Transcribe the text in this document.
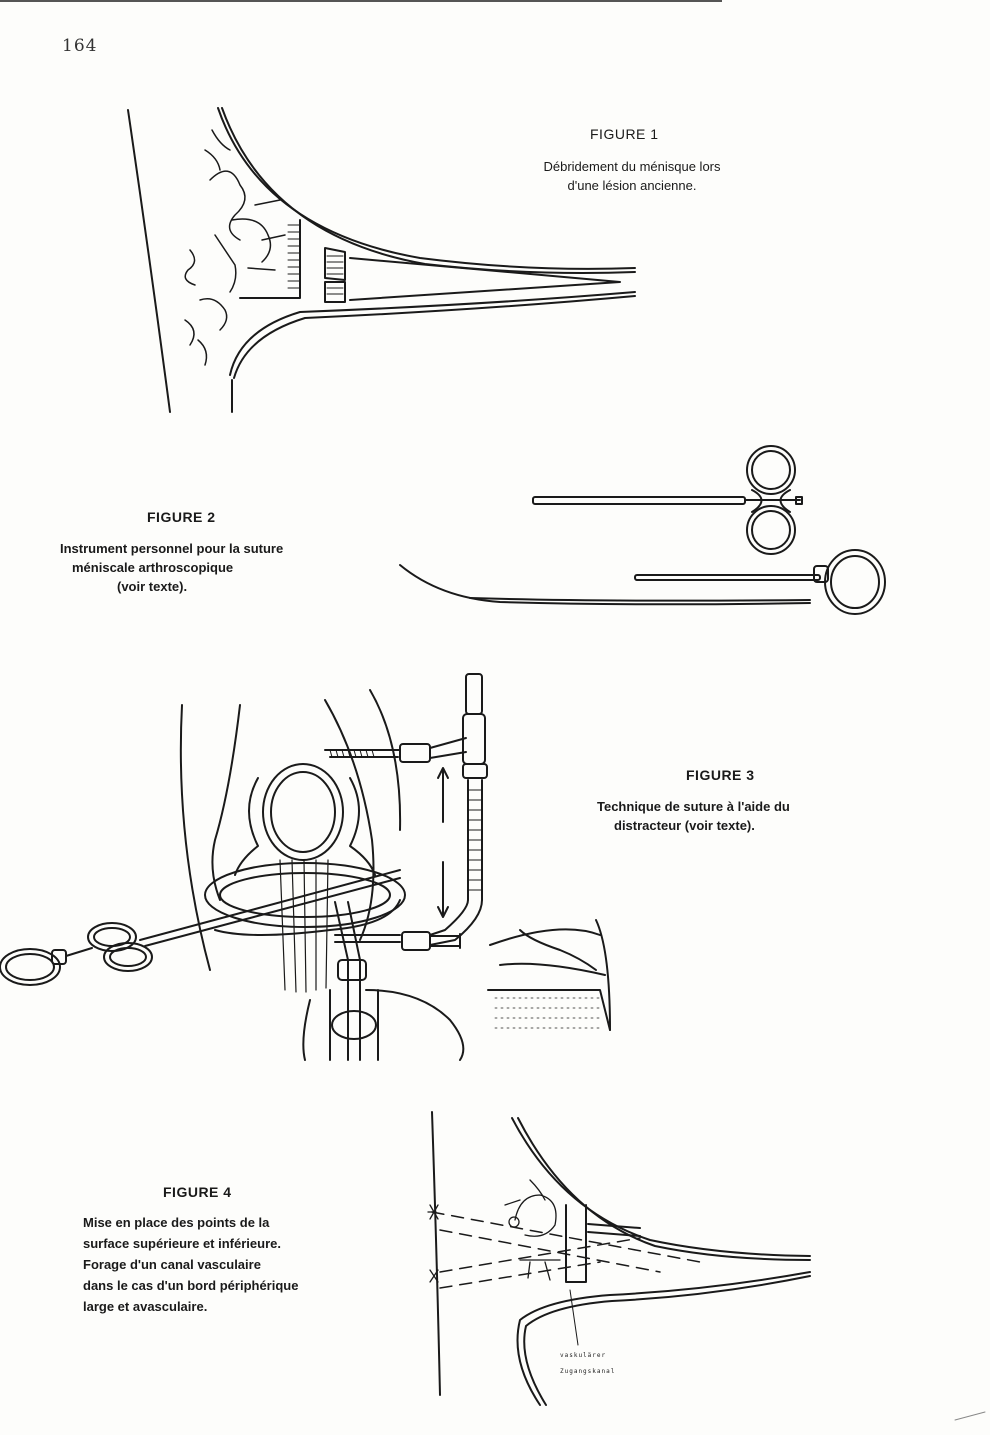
164
FIGURE 1

Débridement du ménisque lors

d'une lésion ancienne.

FIGURE 2

Instrument personnel pour la suture

méniscale arthroscopique

(voir texte).

FIGURE 3

Technique de suture à l'aide du

distracteur (voir texte).

FIGURE 4

Mise en place des points de la

surface supérieure et inférieure.

Forage d'un canal vasculaire

dans le cas d'un bord périphérique

large et avasculaire.

vaskulärer
Zugangskanal
